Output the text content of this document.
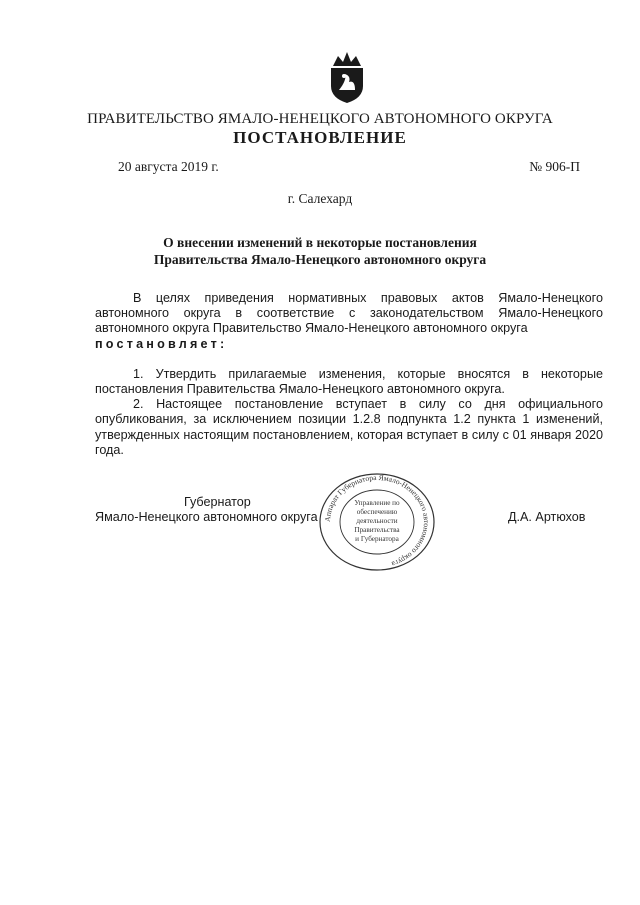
ПРАВИТЕЛЬСТВО ЯМАЛО-НЕНЕЦКОГО АВТОНОМНОГО ОКРУГА
ПОСТАНОВЛЕНИЕ
20 августа 2019 г.	№ 906-П
г. Салехард
О внесении изменений в некоторые постановления
Правительства Ямало-Ненецкого автономного округа

В целях приведения нормативных правовых актов Ямало-Ненецкого автономного округа в соответствие с законодательством Ямало-Ненецкого автономного округа Правительство Ямало-Ненецкого автономного округа

постановляет:

1. Утвердить прилагаемые изменения, которые вносятся в некоторые постановления Правительства Ямало-Ненецкого автономного округа.

2. Настоящее постановление вступает в силу со дня официального опубликования, за исключением позиции 1.2.8 подпункта 1.2 пункта 1 изменений, утвержденных настоящим постановлением, которая вступает в силу с 01 января 2020 года.

Губернатор
Ямало-Ненецкого автономного округа	Д.А. Артюхов
Аппарат Губернатора Ямало-Ненецкого автономного округа
Управление по
обеспечению
деятельности
Правительства
и Губернатора
